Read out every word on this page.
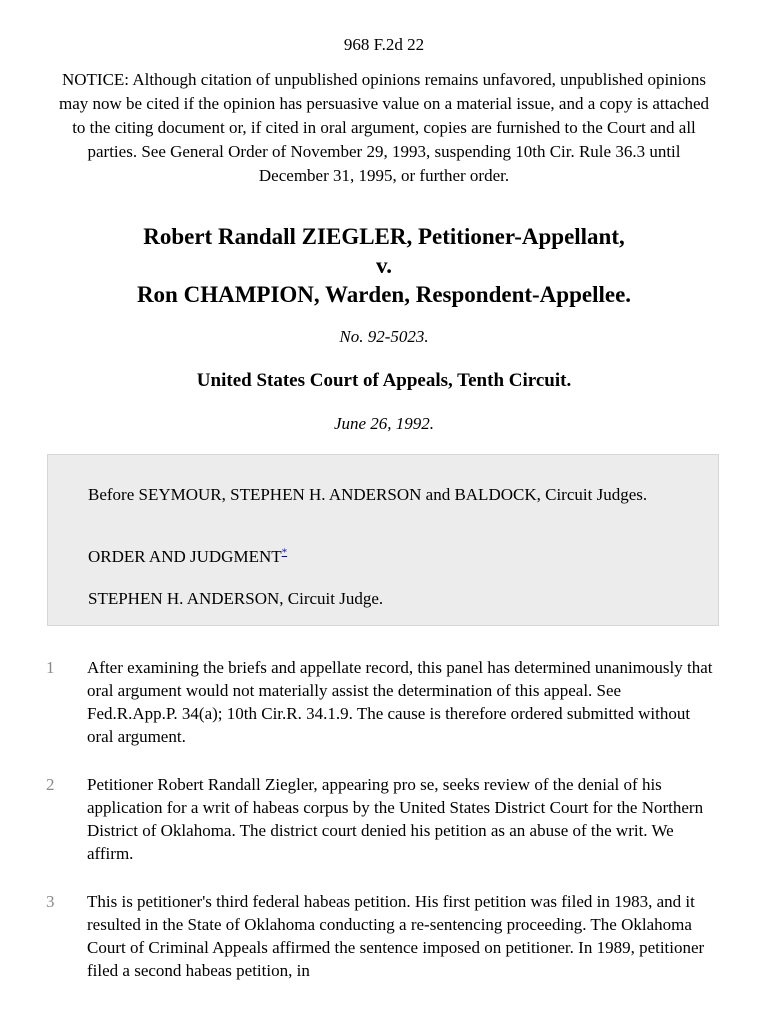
968 F.2d 22
NOTICE: Although citation of unpublished opinions remains unfavored, unpublished opinions may now be cited if the opinion has persuasive value on a material issue, and a copy is attached to the citing document or, if cited in oral argument, copies are furnished to the Court and all parties. See General Order of November 29, 1993, suspending 10th Cir. Rule 36.3 until December 31, 1995, or further order.
Robert Randall ZIEGLER, Petitioner-Appellant,
v.
Ron CHAMPION, Warden, Respondent-Appellee.
No. 92-5023.
United States Court of Appeals, Tenth Circuit.
June 26, 1992.

Before SEYMOUR, STEPHEN H. ANDERSON and BALDOCK, Circuit Judges.

ORDER AND JUDGMENT*

STEPHEN H. ANDERSON, Circuit Judge.

1 After examining the briefs and appellate record, this panel has determined unanimously that oral argument would not materially assist the determination of this appeal. See Fed.R.App.P. 34(a); 10th Cir.R. 34.1.9. The cause is therefore ordered submitted without oral argument.

2 Petitioner Robert Randall Ziegler, appearing pro se, seeks review of the denial of his application for a writ of habeas corpus by the United States District Court for the Northern District of Oklahoma. The district court denied his petition as an abuse of the writ. We affirm.

3 This is petitioner's third federal habeas petition. His first petition was filed in 1983, and it resulted in the State of Oklahoma conducting a re-sentencing proceeding. The Oklahoma Court of Criminal Appeals affirmed the sentence imposed on petitioner. In 1989, petitioner filed a second habeas petition, in
